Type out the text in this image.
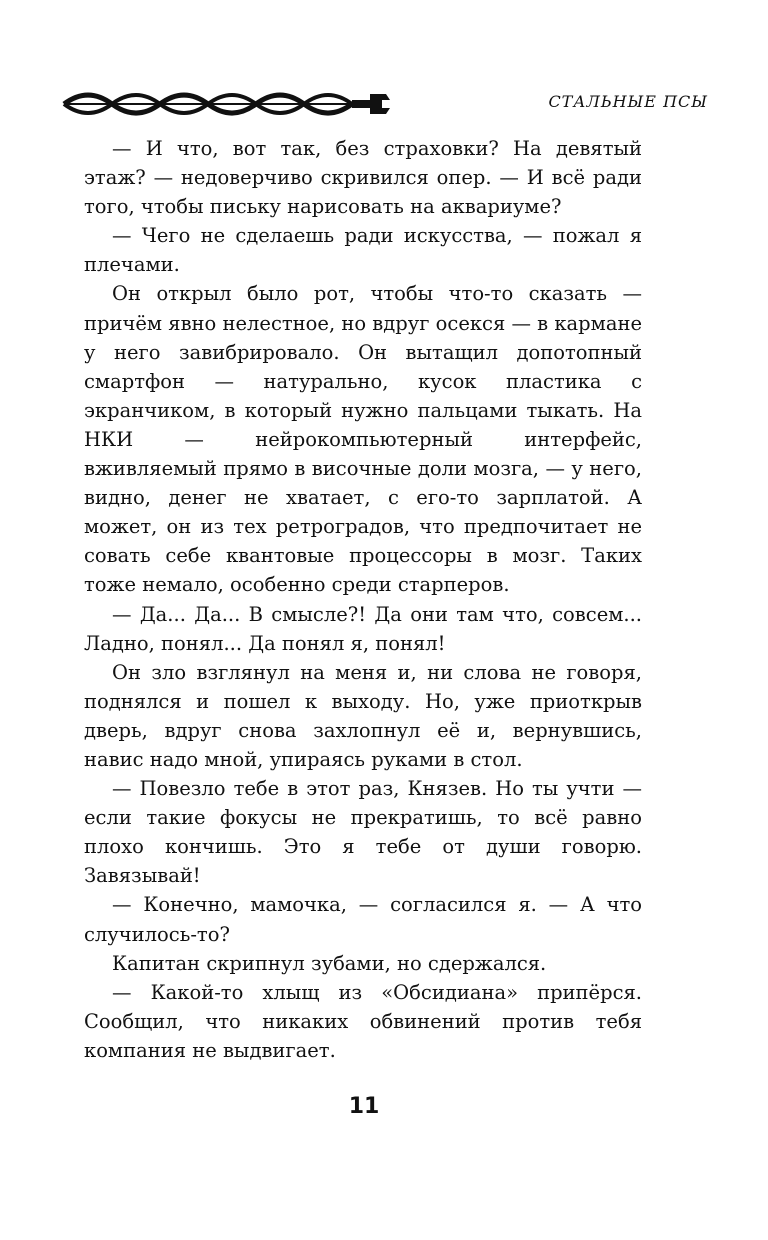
СТАЛЬНЫЕ ПСЫ

— И что, вот так, без страховки? На девятый этаж? — недоверчиво скривился опер. — И всё ради того, чтобы письку нарисовать на аквариуме?

— Чего не сделаешь ради искусства, — пожал я плечами.

Он открыл было рот, чтобы что-то сказать — причём явно нелестное, но вдруг осекся — в кармане у него завибрировало. Он вытащил допотопный смартфон — натурально, кусок пластика с экранчиком, в который нужно пальцами тыкать. На НКИ — нейрокомпьютерный интерфейс, вживляемый прямо в височные доли мозга, — у него, видно, денег не хватает, с его-то зарплатой. А может, он из тех ретроградов, что предпочитает не совать себе квантовые процессоры в мозг. Таких тоже немало, особенно среди старперов.

— Да... Да... В смысле?! Да они там что, совсем... Ладно, понял... Да понял я, понял!

Он зло взглянул на меня и, ни слова не говоря, поднялся и пошел к выходу. Но, уже приоткрыв дверь, вдруг снова захлопнул её и, вернувшись, навис надо мной, упираясь руками в стол.

— Повезло тебе в этот раз, Князев. Но ты учти — если такие фокусы не прекратишь, то всё равно плохо кончишь. Это я тебе от души говорю. Завязывай!

— Конечно, мамочка, — согласился я. — А что случилось-то?

Капитан скрипнул зубами, но сдержался.

— Какой-то хлыщ из «Обсидиана» припёрся. Сообщил, что никаких обвинений против тебя компания не выдвигает.

11
